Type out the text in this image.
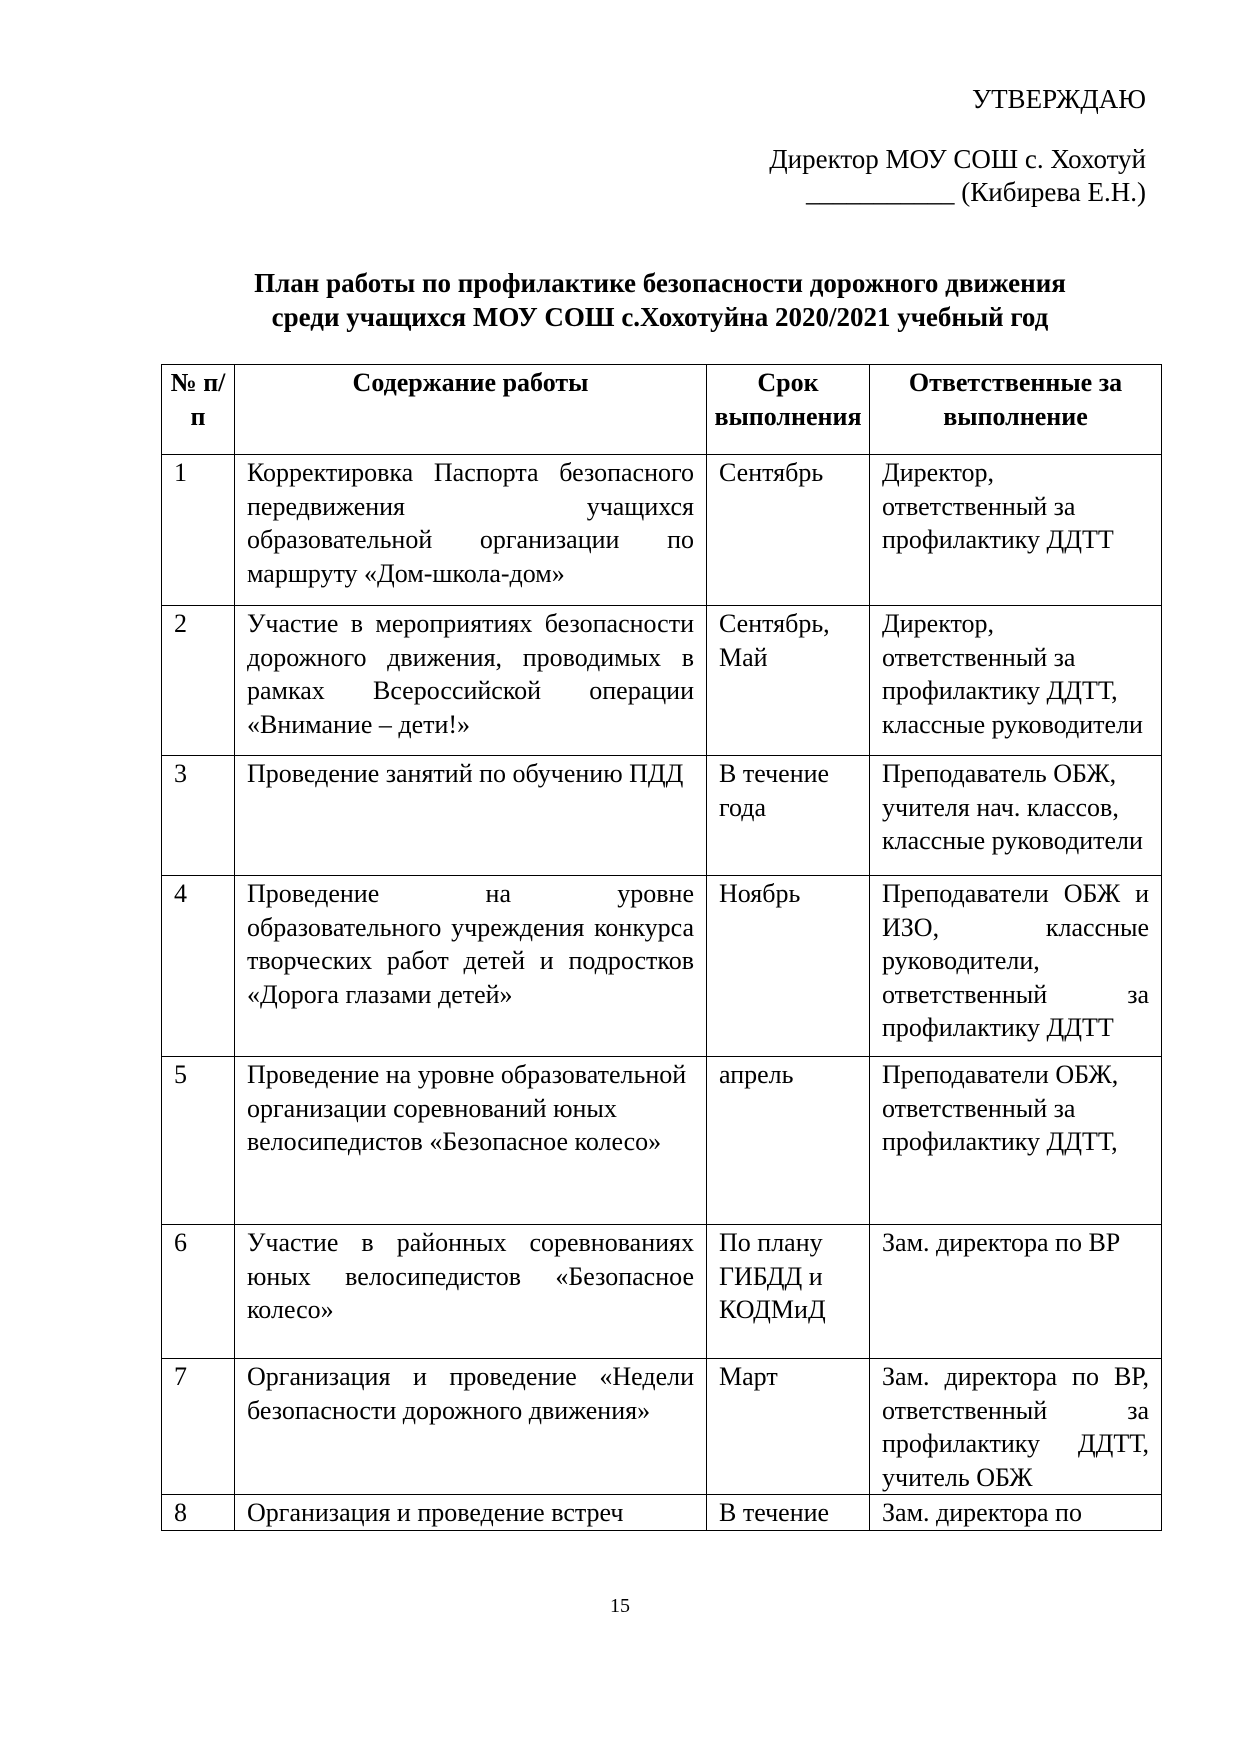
УТВЕРЖДАЮ
Директор МОУ СОШ с. Хохотуй
___________ (Кибирева Е.Н.)
План работы по профилактике безопасности дорожного движения
среди учащихся МОУ СОШ с.Хохотуйна 2020/2021 учебный год
№ п/п	Содержание работы	Срок выполнения	Ответственные за выполнение
1	Корректировка Паспорта безопасного передвижения учащихся образовательной организации по маршруту «Дом-школа-дом»	Сентябрь	Директор, ответственный за профилактику ДДТТ
2	Участие в мероприятиях безопасности дорожного движения, проводимых в рамках Всероссийской операции «Внимание – дети!»	Сентябрь, Май	Директор, ответственный за профилактику ДДТТ, классные руководители
3	Проведение занятий по обучению ПДД	В течение года	Преподаватель ОБЖ, учителя нач. классов, классные руководители
4	Проведение на уровне образовательного учреждения конкурса творческих работ детей и подростков «Дорога глазами детей»	Ноябрь	Преподаватели ОБЖ и ИЗО, классные руководители, ответственный за профилактику ДДТТ
5	Проведение на уровне образовательной организации соревнований юных велосипедистов «Безопасное колесо»	апрель	Преподаватели ОБЖ, ответственный за профилактику ДДТТ,
6	Участие в районных соревнованиях юных велосипедистов «Безопасное колесо»	По плану ГИБДД и КОДМиД	Зам. директора по ВР
7	Организация и проведение «Недели безопасности дорожного движения»	Март	Зам. директора по ВР, ответственный за профилактику ДДТТ, учитель ОБЖ
8	Организация и проведение встреч	В течение	Зам. директора по
15
